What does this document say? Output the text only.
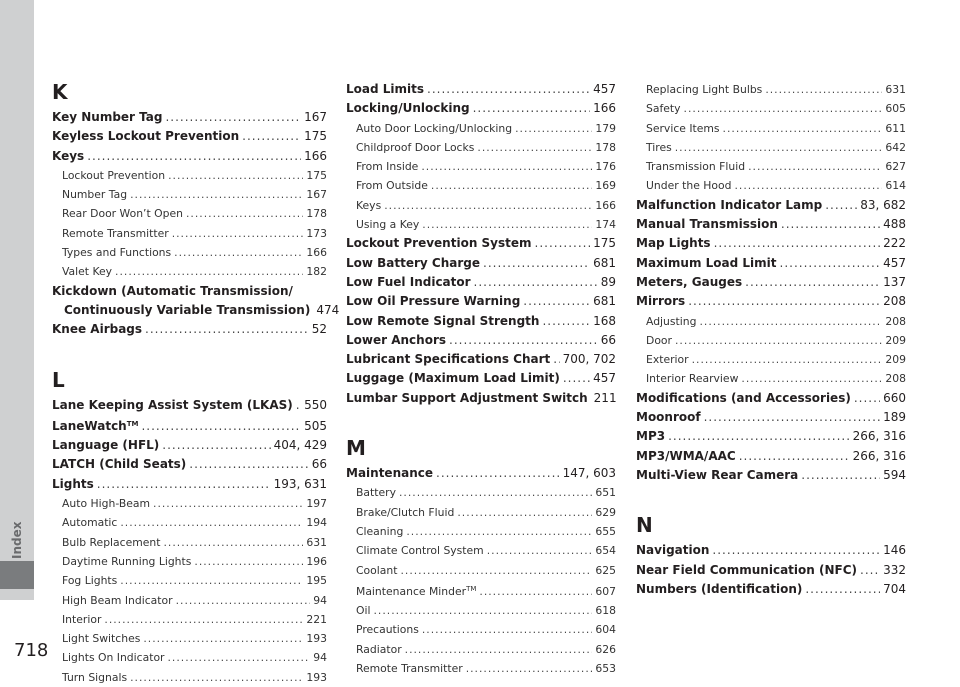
Index
K
Key Number Tag .....	167
Keyless Lockout Prevention .....	175
Keys .....	166
Lockout Prevention .....	175
Number Tag .....	167
Rear Door Won’t Open .....	178
Remote Transmitter .....	173
Types and Functions .....	166
Valet Key .....	182
Kickdown (Automatic Transmission/
Continuously Variable Transmission) 474
Knee Airbags .....	52
L
Lane Keeping Assist System (LKAS) ..... 550
LaneWatch™ .....	505
Language (HFL) .....	404, 429
LATCH (Child Seats) .....	66
Lights .....	193, 631
Auto High-Beam .....	197
Automatic .....	194
Bulb Replacement .....	631
Daytime Running Lights .....	196
Fog Lights .....	195
High Beam Indicator .....	94
Interior .....	221
Light Switches .....	193
Lights On Indicator .....	94
Turn Signals .....	193
Load Limits .....	457
Locking/Unlocking .....	166
Auto Door Locking/Unlocking .....	179
Childproof Door Locks .....	178
From Inside .....	176
From Outside .....	169
Keys .....	166
Using a Key .....	174
Lockout Prevention System .....	175
Low Battery Charge .....	681
Low Fuel Indicator .....	89
Low Oil Pressure Warning .....	681
Low Remote Signal Strength .....	168
Lower Anchors .....	66
Lubricant Specifications Chart ..... 700, 702
Luggage (Maximum Load Limit) .....	457
Lumbar Support Adjustment Switch 211
M
Maintenance .....	147, 603
Battery .....	651
Brake/Clutch Fluid .....	629
Cleaning .....	655
Climate Control System .....	654
Coolant .....	625
Maintenance Minder™ .....	607
Oil .....	618
Precautions .....	604
Radiator .....	626
Remote Transmitter .....	653
Replacing Light Bulbs .....	631
Safety .....	605
Service Items .....	611
Tires .....	642
Transmission Fluid .....	627
Under the Hood .....	614
Malfunction Indicator Lamp .....	83, 682
Manual Transmission .....	488
Map Lights .....	222
Maximum Load Limit .....	457
Meters, Gauges .....	137
Mirrors .....	208
Adjusting .....	208
Door .....	209
Exterior .....	209
Interior Rearview .....	208
Modifications (and Accessories) .....	660
Moonroof .....	189
MP3 .....	266, 316
MP3/WMA/AAC .....	266, 316
Multi-View Rear Camera .....	594
N
Navigation .....	146
Near Field Communication (NFC) ..... 332
Numbers (Identification) .....	704
718
